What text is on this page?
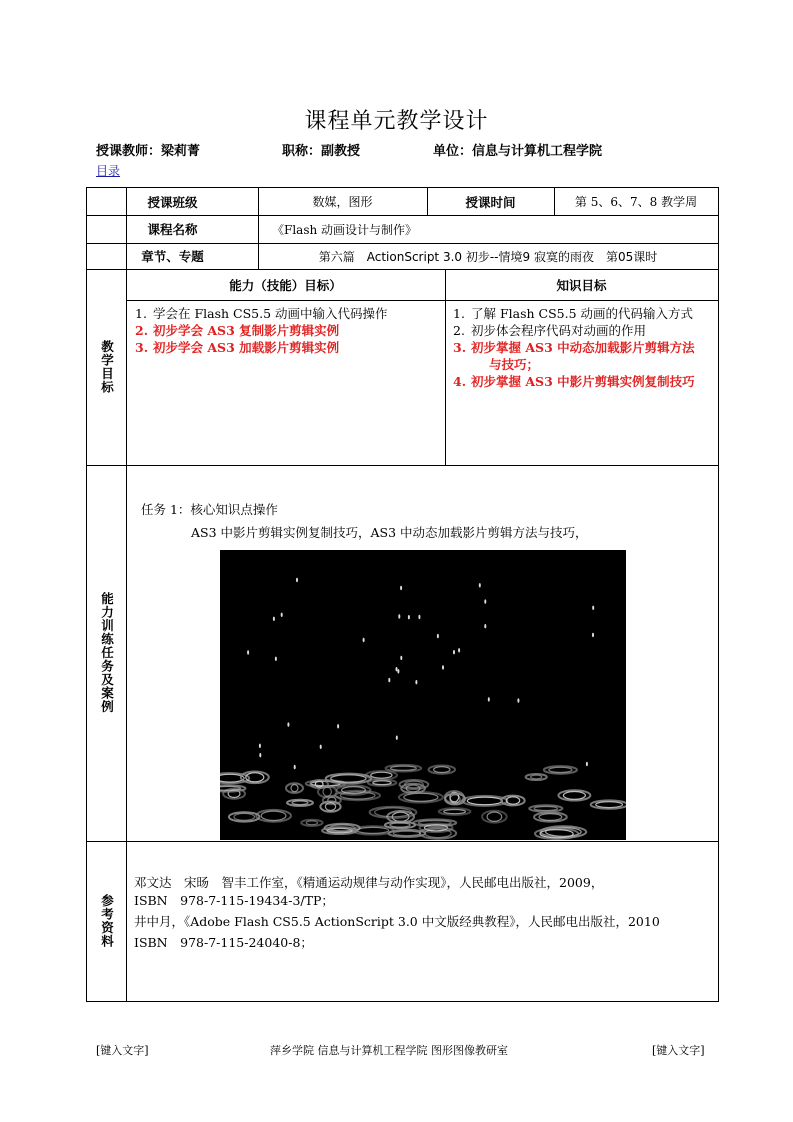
课程单元教学设计
授课教师：梁莉菁	职称：副教授	单位：信息与计算机工程学院
目录
授课班级	数媒，图形	授课时间	第 5、6、7、8 教学周
课程名称	《Flash 动画设计与制作》
章节、专题	第六篇　ActionScript 3.0 初步--情境9 寂寞的雨夜　第05课时
教学目标
能力（技能）目标）	知识目标
1. 学会在 Flash CS5.5 动画中输入代码操作
2. 初步学会 AS3 复制影片剪辑实例
3. 初步学会 AS3 加载影片剪辑实例
1. 了解 Flash CS5.5 动画的代码输入方式
2. 初步体会程序代码对动画的作用
3. 初步掌握 AS3 中动态加载影片剪辑方法
与技巧；
4. 初步掌握 AS3 中影片剪辑实例复制技巧
能力训练任务及案例
任务 1：核心知识点操作
AS3 中影片剪辑实例复制技巧，AS3 中动态加载影片剪辑方法与技巧，
参考资料
邓文达　宋旸　智丰工作室，《精通运动规律与动作实现》，人民邮电出版社，2009，
ISBN　978-7-115-19434-3/TP；
井中月，《Adobe Flash CS5.5 ActionScript 3.0 中文版经典教程》，人民邮电出版社，2010
ISBN　978-7-115-24040-8；
[键入文字]	萍乡学院 信息与计算机工程学院 图形图像教研室	[键入文字]
